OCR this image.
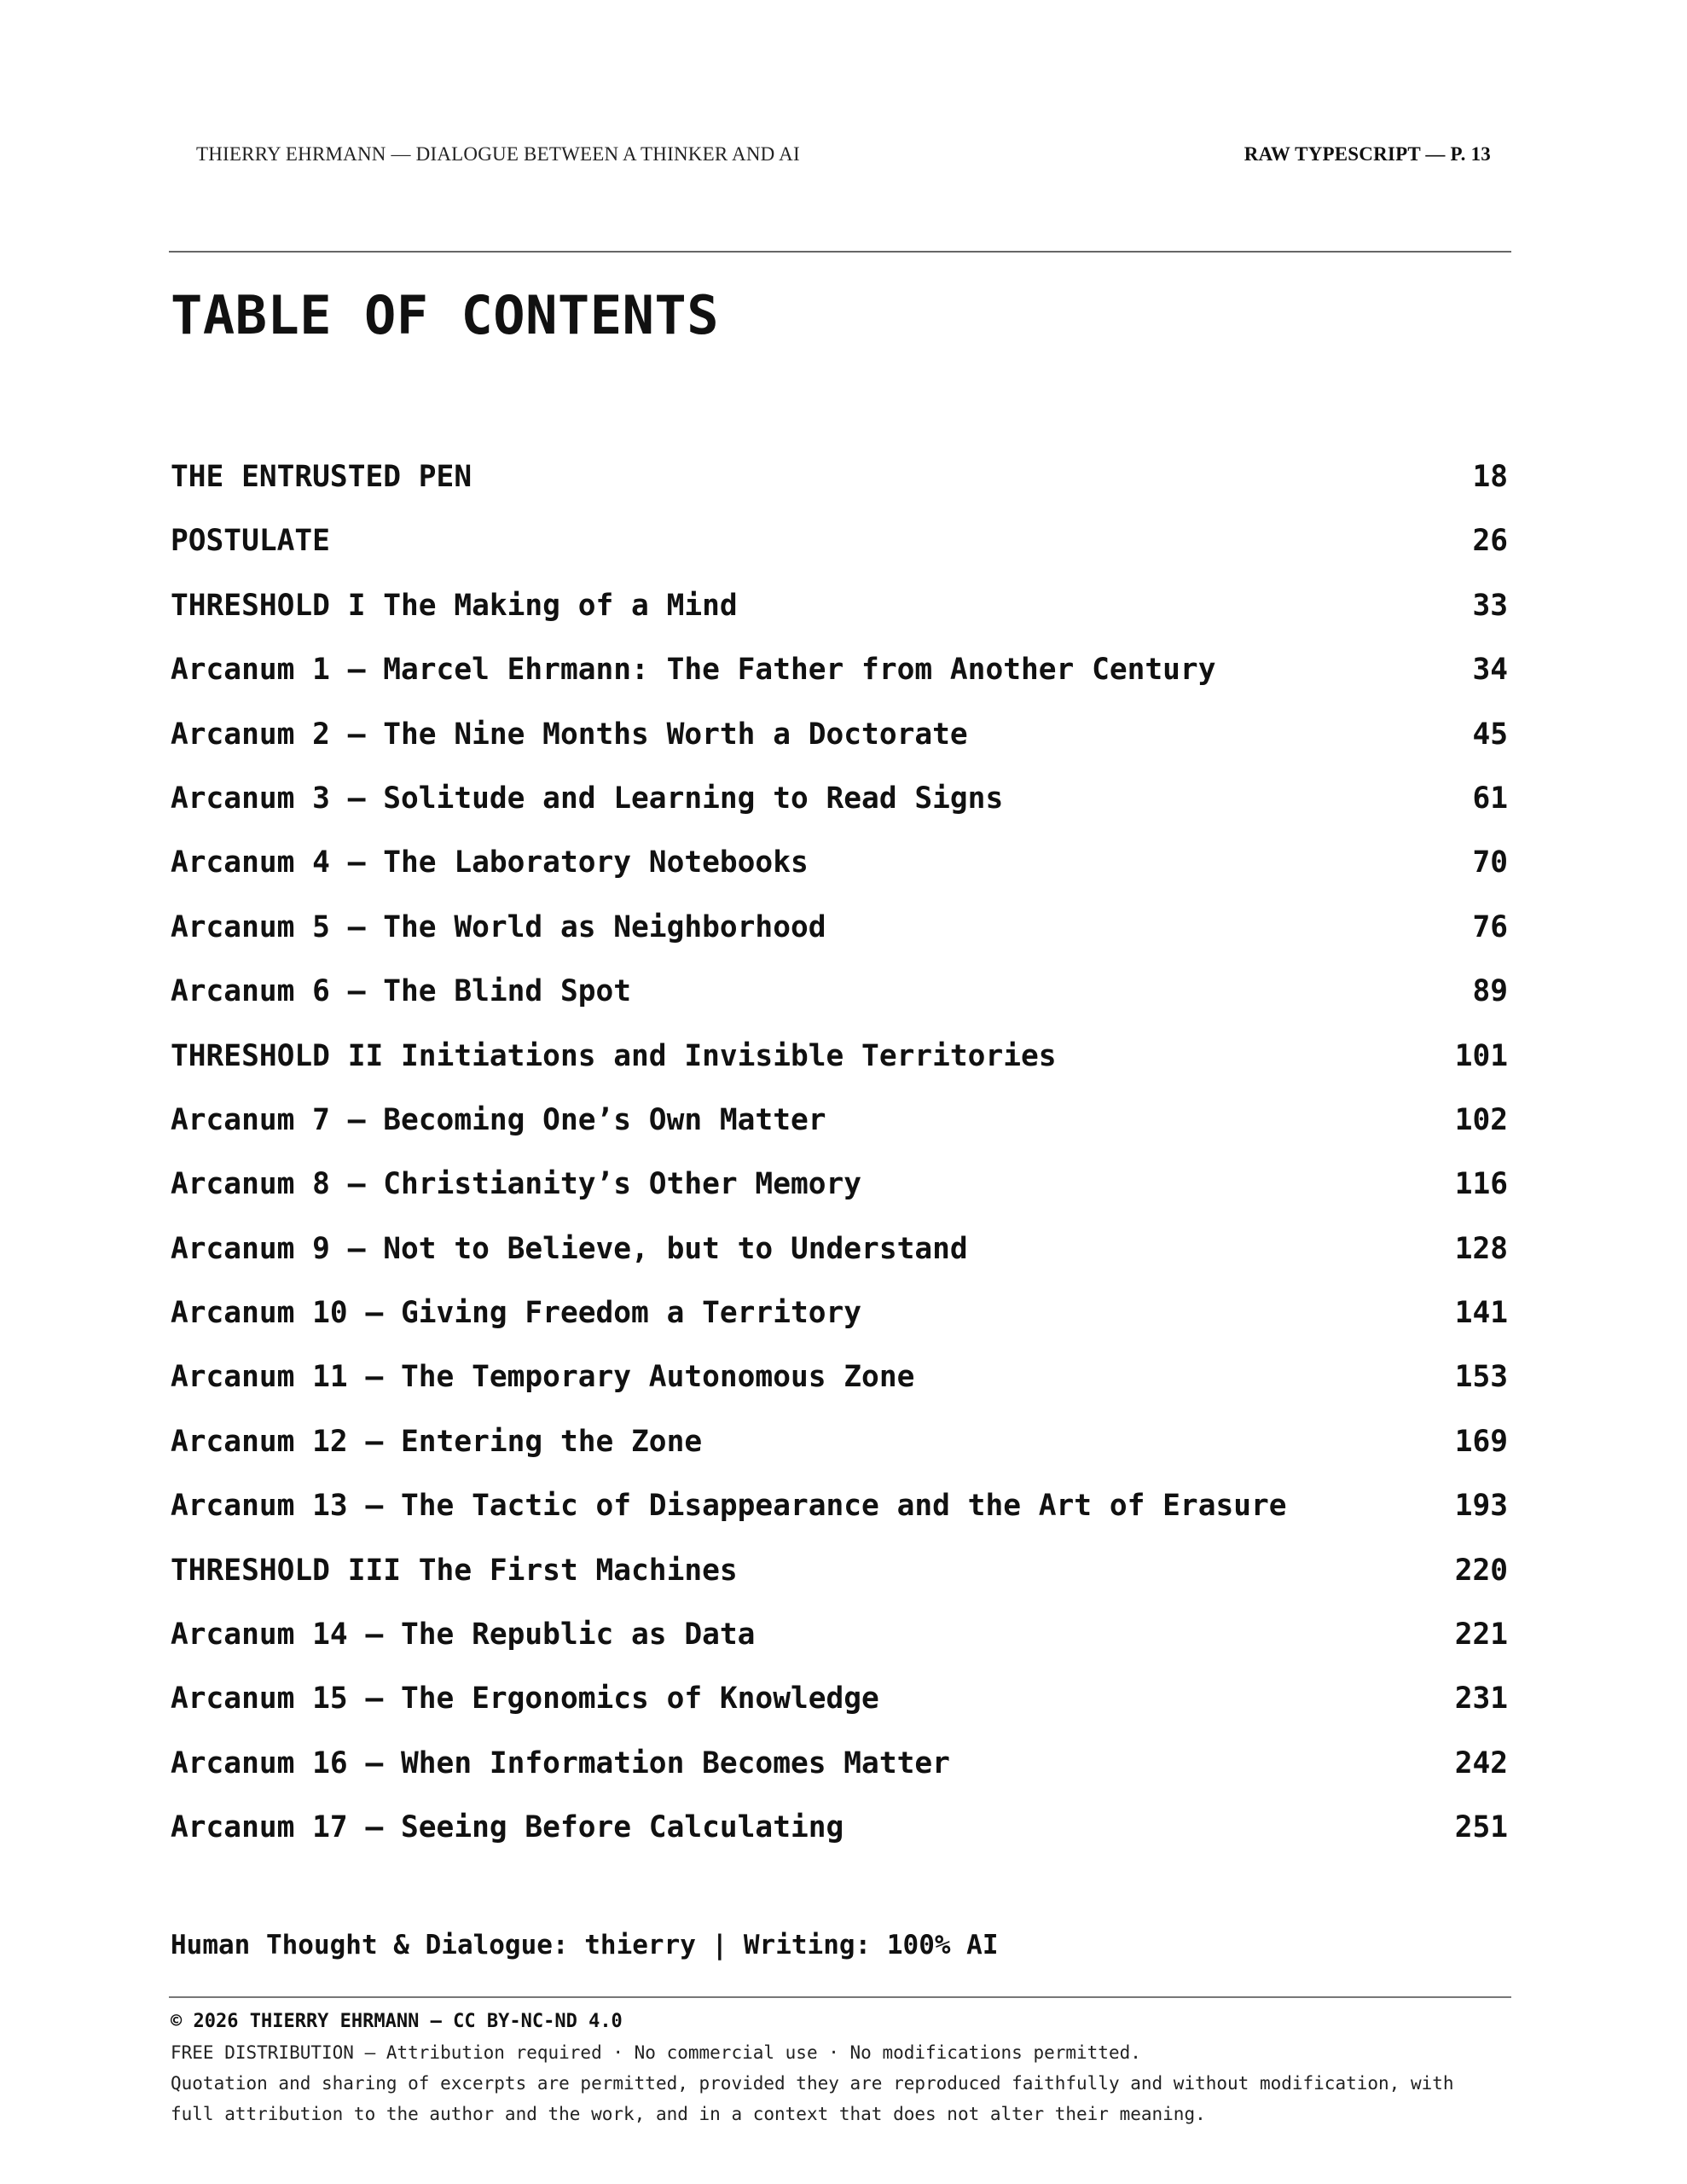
THIERRY EHRMANN — DIALOGUE BETWEEN A THINKER AND AI	RAW TYPESCRIPT — P. 13
TABLE OF CONTENTS
THE ENTRUSTED PEN	18
POSTULATE	26
THRESHOLD I The Making of a Mind	33
Arcanum 1 — Marcel Ehrmann: The Father from Another Century	34
Arcanum 2 — The Nine Months Worth a Doctorate	45
Arcanum 3 — Solitude and Learning to Read Signs	61
Arcanum 4 — The Laboratory Notebooks	70
Arcanum 5 — The World as Neighborhood	76
Arcanum 6 — The Blind Spot	89
THRESHOLD II Initiations and Invisible Territories	101
Arcanum 7 — Becoming One’s Own Matter	102
Arcanum 8 — Christianity’s Other Memory	116
Arcanum 9 — Not to Believe, but to Understand	128
Arcanum 10 — Giving Freedom a Territory	141
Arcanum 11 — The Temporary Autonomous Zone	153
Arcanum 12 — Entering the Zone	169
Arcanum 13 — The Tactic of Disappearance and the Art of Erasure	193
THRESHOLD III The First Machines	220
Arcanum 14 — The Republic as Data	221
Arcanum 15 — The Ergonomics of Knowledge	231
Arcanum 16 — When Information Becomes Matter	242
Arcanum 17 — Seeing Before Calculating	251
Human Thought & Dialogue: thierry | Writing: 100% AI
© 2026 THIERRY EHRMANN — CC BY-NC-ND 4.0
FREE DISTRIBUTION — Attribution required · No commercial use · No modifications permitted.
Quotation and sharing of excerpts are permitted, provided they are reproduced faithfully and without modification, with
full attribution to the author and the work, and in a context that does not alter their meaning.
